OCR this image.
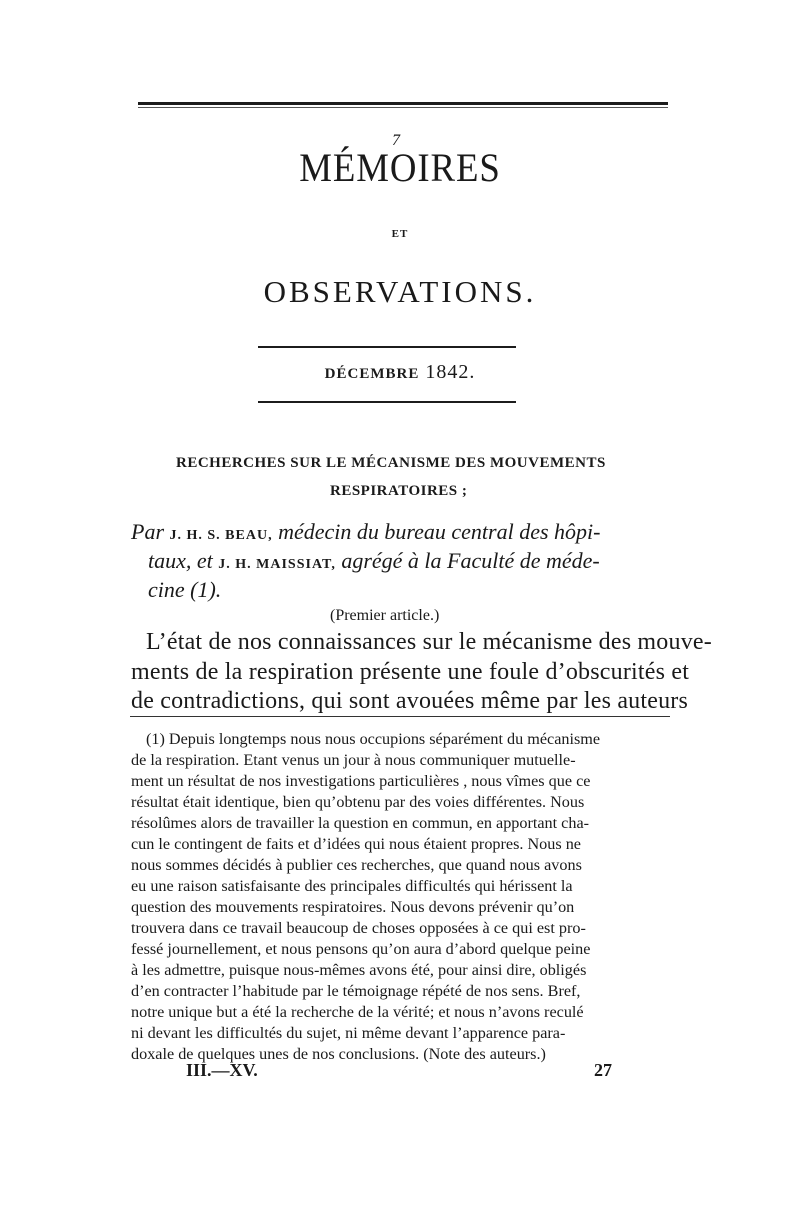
7
MÉMOIRES
ET
OBSERVATIONS.
DÉCEMBRE 1842.
RECHERCHES SUR LE MÉCANISME DES MOUVEMENTS
RESPIRATOIRES ;
Par J. H. S. BEAU, médecin du bureau central des hôpi-
taux, et J. H. MAISSIAT, agrégé à la Faculté de méde-
cine (1).
(Premier article.)
L’état de nos connaissances sur le mécanisme des mouve-
ments de la respiration présente une foule d’obscurités et
de contradictions, qui sont avouées même par les auteurs
(1) Depuis longtemps nous nous occupions séparément du mécanisme
de la respiration. Etant venus un jour à nous communiquer mutuelle-
ment un résultat de nos investigations particulières , nous vîmes que ce
résultat était identique, bien qu’obtenu par des voies différentes. Nous
résolûmes alors de travailler la question en commun, en apportant cha-
cun le contingent de faits et d’idées qui nous étaient propres. Nous ne
nous sommes décidés à publier ces recherches, que quand nous avons
eu une raison satisfaisante des principales difficultés qui hérissent la
question des mouvements respiratoires. Nous devons prévenir qu’on
trouvera dans ce travail beaucoup de choses opposées à ce qui est pro-
fessé journellement, et nous pensons qu’on aura d’abord quelque peine
à les admettre, puisque nous-mêmes avons été, pour ainsi dire, obligés
d’en contracter l’habitude par le témoignage répété de nos sens. Bref,
notre unique but a été la recherche de la vérité; et nous n’avons reculé
ni devant les difficultés du sujet, ni même devant l’apparence para-
doxale de quelques unes de nos conclusions. (Note des auteurs.)
III.—XV.	27
